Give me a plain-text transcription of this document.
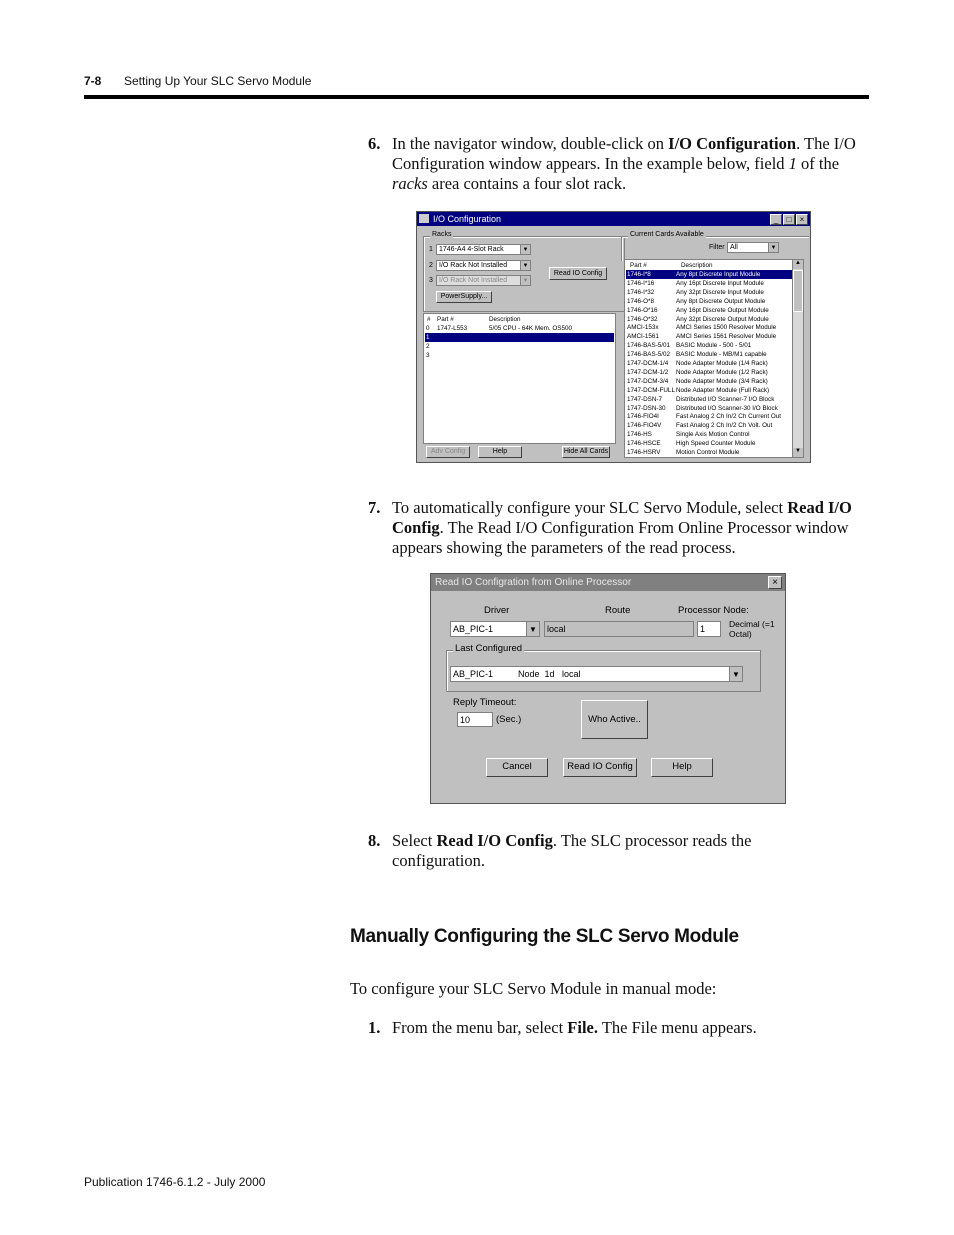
7-8 Setting Up Your SLC Servo Module
6. In the navigator window, double-click on I/O Configuration. The I/O Configuration window appears. In the example below, field 1 of the racks area contains a four slot rack.
I/O Configuration	_	□	×
Racks
1 1746-A4 4-Slot Rack	▼
2 I/O Rack Not Installed	▼
3 I/O Rack Not Installed	▼
PowerSupply...
Read IO Config
# Part #	Description
0 1747-L553	5/05 CPU - 64K Mem. OS500
1
2
3
Adv Config	Help	Hide All Cards
Current Cards Available
Filter All	▼
Part #	Description
1746-I*8	Any 8pt Discrete Input Module
1746-I*16	Any 16pt Discrete Input Module
1746-I*32	Any 32pt Discrete Input Module
1746-O*8	Any 8pt Discrete Output Module
1746-O*16	Any 16pt Discrete Output Module
1746-O*32	Any 32pt Discrete Output Module
AMCI-153x	AMCI Series 1500 Resolver Module
AMCI-1561	AMCI Series 1561 Resolver Module
1746-BAS-5/01 BASIC Module - 500 - 5/01
1746-BAS-5/02 BASIC Module - MB/M1 capable
1747-DCM-1/4 Node Adapter Module (1/4 Rack)
1747-DCM-1/2 Node Adapter Module (1/2 Rack)
1747-DCM-3/4 Node Adapter Module (3/4 Rack)
1747-DCM-FULL Node Adapter Module (Full Rack)
1747-DSN-7 Distributed I/O Scanner-7 I/O Block
1747-DSN-30 Distributed I/O Scanner-30 I/O Block
1746-FIO4I	Fast Analog 2 Ch In/2 Ch Current Out
1746-FIO4V Fast Analog 2 Ch In/2 Ch Volt. Out
1746-HS	Single Axis Motion Control
1746-HSCE High Speed Counter Module
1746-HSRV Motion Control Module
▲
▼
7. To automatically configure your SLC Servo Module, select Read I/O Config. The Read I/O Configuration From Online Processor window appears showing the parameters of the read process.
Read IO Configration from Online Processor	×
Driver	Route	Processor Node:
AB_PIC-1	▼	local	1	Decimal (=1 Octal)
Last Configured
AB_PIC-1          Node  1d   local	▼
Reply Timeout:
10	(Sec.)	Who Active..
Cancel	Read IO Config	Help
8. Select Read I/O Config. The SLC processor reads the configuration.
Manually Configuring the SLC Servo Module
To configure your SLC Servo Module in manual mode:
1. From the menu bar, select File. The File menu appears.
Publication 1746-6.1.2 - July 2000
